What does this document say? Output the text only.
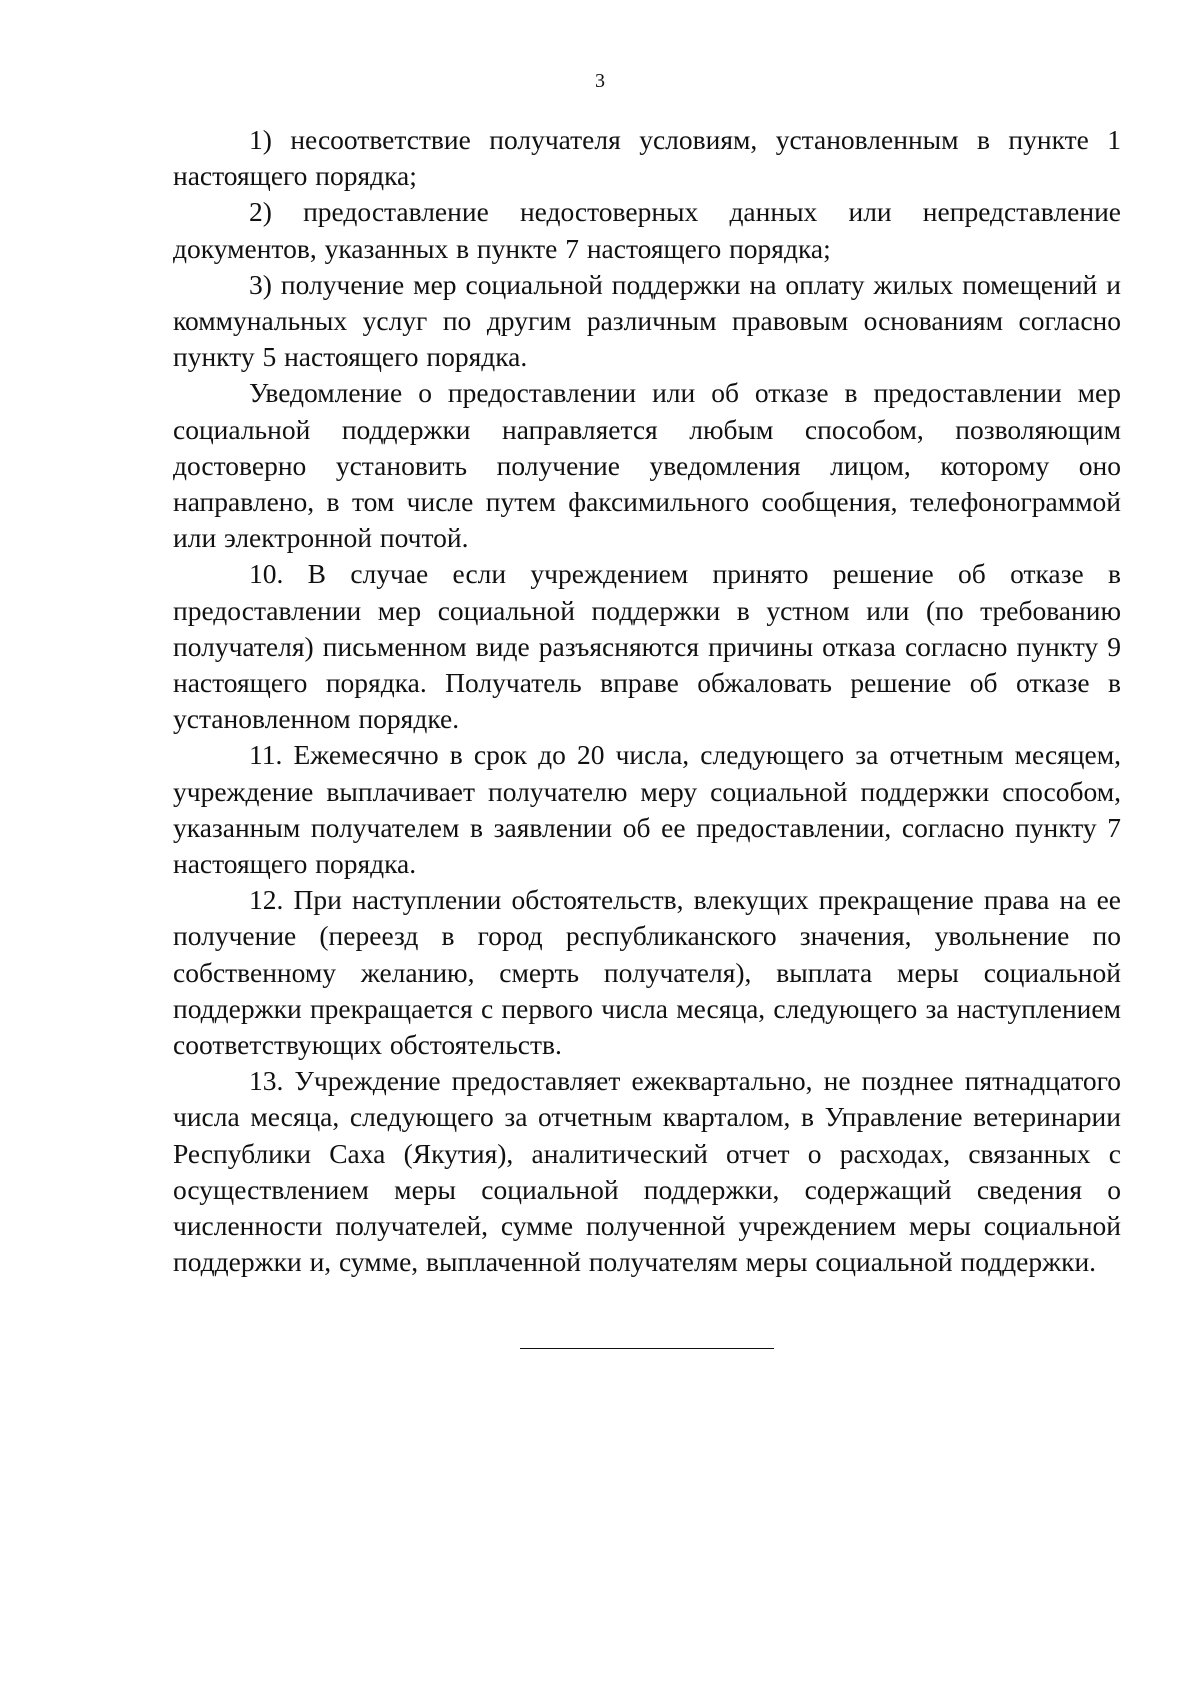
3

1) несоответствие получателя условиям, установленным в пункте 1 настоящего порядка;

2) предоставление недостоверных данных или непредставление документов, указанных в пункте 7 настоящего порядка;

3) получение мер социальной поддержки на оплату жилых помещений и коммунальных услуг по другим различным правовым основаниям согласно пункту 5 настоящего порядка.

Уведомление о предоставлении или об отказе в предоставлении мер социальной поддержки направляется любым способом, позволяющим достоверно установить получение уведомления лицом, которому оно направлено, в том числе путем факсимильного сообщения, телефонограммой или электронной почтой.

10. В случае если учреждением принято решение об отказе в предоставлении мер социальной поддержки в устном или (по требованию получателя) письменном виде разъясняются причины отказа согласно пункту 9 настоящего порядка. Получатель вправе обжаловать решение об отказе в установленном порядке.

11. Ежемесячно в срок до 20 числа, следующего за отчетным месяцем, учреждение выплачивает получателю меру социальной поддержки способом, указанным получателем в заявлении об ее предоставлении, согласно пункту 7 настоящего порядка.

12. При наступлении обстоятельств, влекущих прекращение права на ее получение (переезд в город республиканского значения, увольнение по собственному желанию, смерть получателя), выплата меры социальной поддержки прекращается с первого числа месяца, следующего за наступлением соответствующих обстоятельств.

13. Учреждение предоставляет ежеквартально, не позднее пятнадцатого числа месяца, следующего за отчетным кварталом, в Управление ветеринарии Республики Саха (Якутия), аналитический отчет о расходах, связанных с осуществлением меры социальной поддержки, содержащий сведения о численности получателей, сумме полученной учреждением меры социальной поддержки и, сумме, выплаченной получателям меры социальной поддержки.
